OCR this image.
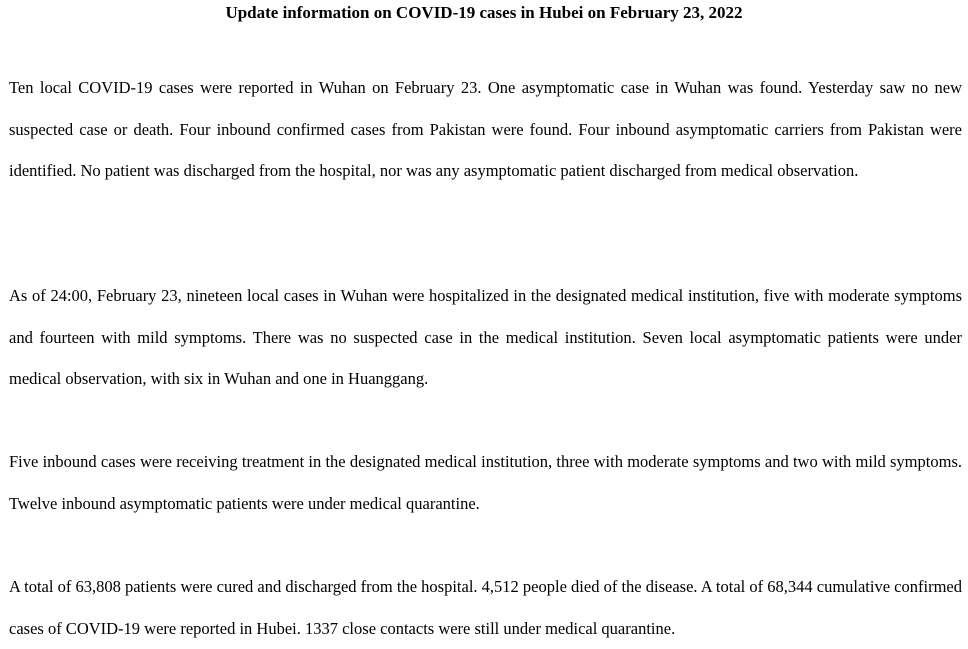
Update information on COVID-19 cases in Hubei on February 23, 2022

Ten local COVID-19 cases were reported in Wuhan on February 23. One asymptomatic case in Wuhan was found. Yesterday saw no new suspected case or death. Four inbound confirmed cases from Pakistan were found. Four inbound asymptomatic carriers from Pakistan were identified. No patient was discharged from the hospital, nor was any asymptomatic patient discharged from medical observation.

As of 24:00, February 23, nineteen local cases in Wuhan were hospitalized in the designated medical institution, five with moderate symptoms and fourteen with mild symptoms. There was no suspected case in the medical institution. Seven local asymptomatic patients were under medical observation, with six in Wuhan and one in Huanggang.

Five inbound cases were receiving treatment in the designated medical institution, three with moderate symptoms and two with mild symptoms. Twelve inbound asymptomatic patients were under medical quarantine.

A total of 63,808 patients were cured and discharged from the hospital. 4,512 people died of the disease. A total of 68,344 cumulative confirmed cases of COVID-19 were reported in Hubei. 1337 close contacts were still under medical quarantine.
